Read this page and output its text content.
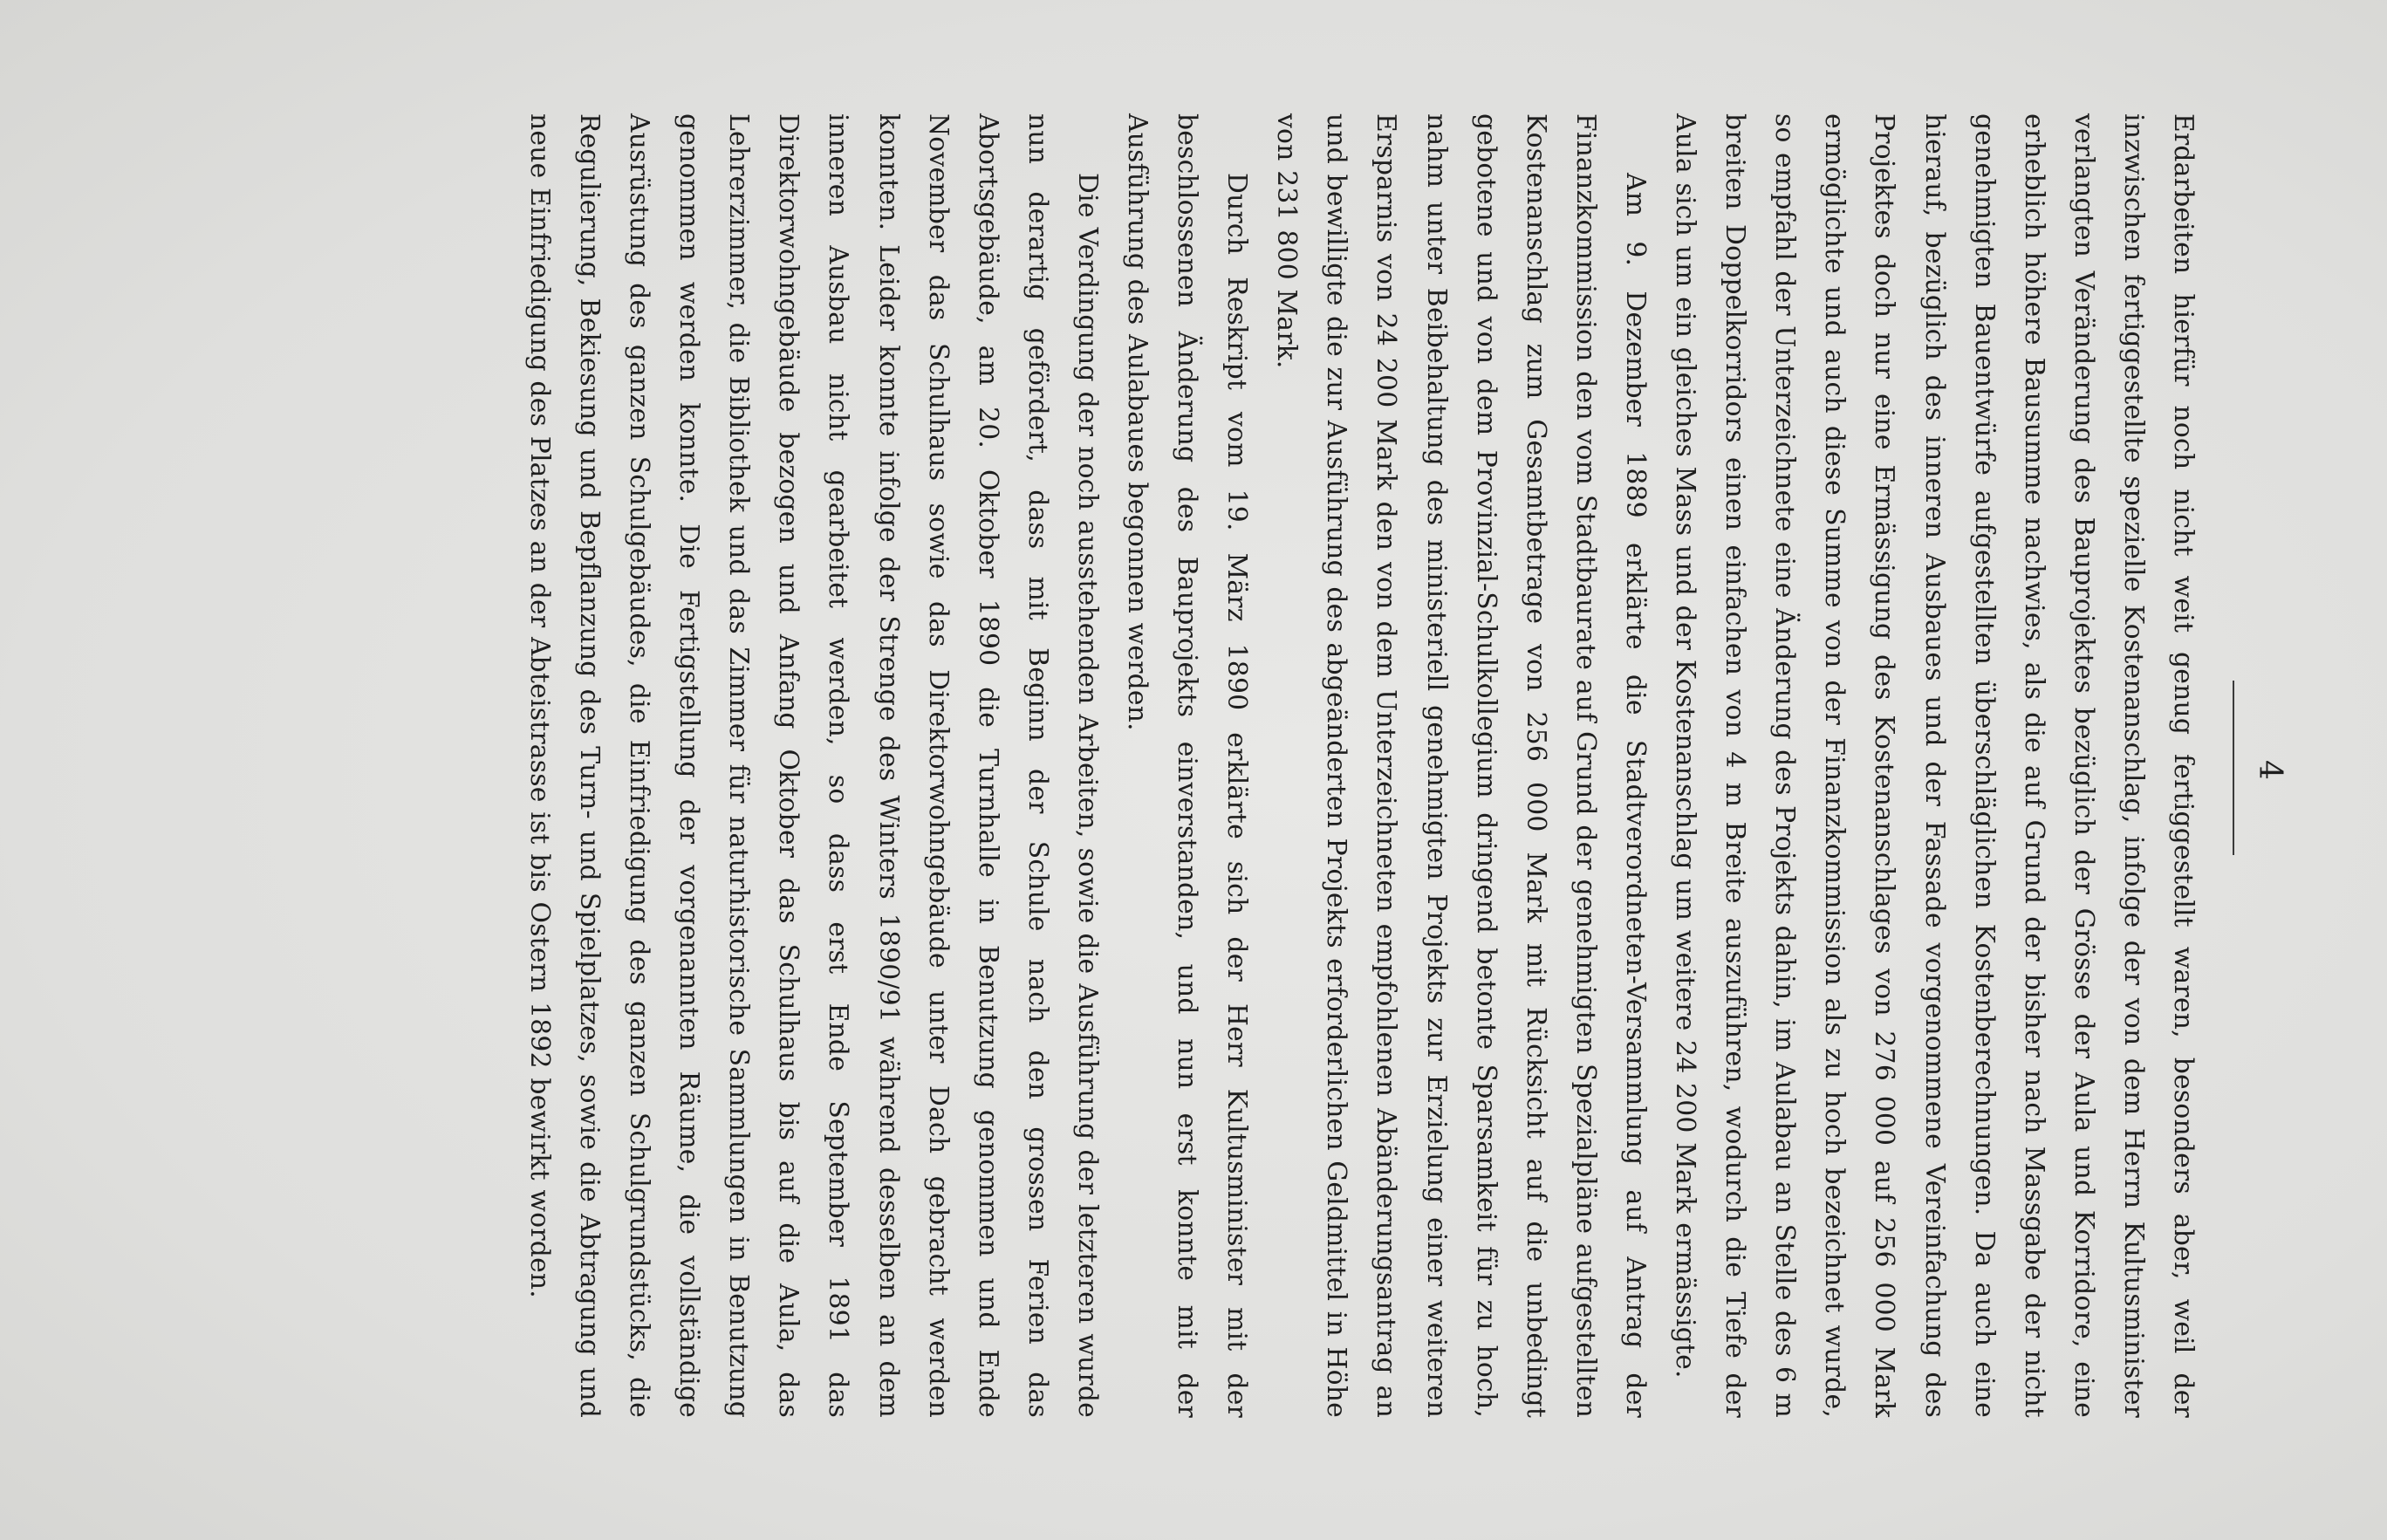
4

Erdarbeiten hierfür noch nicht weit genug fertiggestellt waren, besonders aber, weil der inzwischen fertiggestellte spezielle Kostenanschlag, infolge der von dem Herrn Kultusminister verlangten Veränderung des Bauprojektes bezüglich der Grösse der Aula und Korridore, eine erheblich höhere Bausumme nachwies, als die auf Grund der bisher nach Massgabe der nicht genehmigten Bauentwürfe aufgestellten überschläglichen Kostenberechnungen. Da auch eine hierauf, bezüglich des inneren Ausbaues und der Fassade vorgenommene Vereinfachung des Projektes doch nur eine Ermässigung des Kostenanschlages von 276 000 auf 256 000 Mark ermöglichte und auch diese Summe von der Finanzkommission als zu hoch bezeichnet wurde, so empfahl der Unterzeichnete eine Änderung des Projekts dahin, im Aulabau an Stelle des 6 m breiten Doppelkorridors einen einfachen von 4 m Breite auszuführen, wodurch die Tiefe der Aula sich um ein gleiches Mass und der Kostenanschlag um weitere 24 200 Mark ermässigte.

Am 9. Dezember 1889 erklärte die Stadtverordneten-Versammlung auf Antrag der Finanzkommission den vom Stadtbaurate auf Grund der genehmigten Spezialpläne aufgestellten Kostenanschlag zum Gesamtbetrage von 256 000 Mark mit Rücksicht auf die unbedingt gebotene und von dem Provinzial-Schulkollegium dringend betonte Sparsamkeit für zu hoch, nahm unter Beibehaltung des ministeriell genehmigten Projekts zur Erzielung einer weiteren Ersparnis von 24 200 Mark den von dem Unterzeichneten empfohlenen Abänderungsantrag an und bewilligte die zur Ausführung des abgeänderten Projekts erforderlichen Geldmittel in Höhe von 231 800 Mark.

Durch Reskript vom 19. März 1890 erklärte sich der Herr Kultusminister mit der beschlossenen Änderung des Bauprojekts einverstanden, und nun erst konnte mit der Ausführung des Aulabaues begonnen werden.

Die Verdingung der noch ausstehenden Arbeiten, sowie die Ausführung der letzteren wurde nun derartig gefördert, dass mit Beginn der Schule nach den grossen Ferien das Abortsgebäude, am 20. Oktober 1890 die Turnhalle in Benutzung genommen und Ende November das Schulhaus sowie das Direktorwohngebäude unter Dach gebracht werden konnten. Leider konnte infolge der Strenge des Winters 1890/91 während desselben an dem inneren Ausbau nicht gearbeitet werden, so dass erst Ende September 1891 das Direktorwohngebäude bezogen und Anfang Oktober das Schulhaus bis auf die Aula, das Lehrerzimmer, die Bibliothek und das Zimmer für naturhistorische Sammlungen in Benutzung genommen werden konnte. Die Fertigstellung der vorgenannten Räume, die vollständige Ausrüstung des ganzen Schulgebäudes, die Einfriedigung des ganzen Schulgrundstücks, die Regulierung, Bekiesung und Bepflanzung des Turn- und Spielplatzes, sowie die Abtragung und neue Einfriedigung des Platzes an der Abteistrasse ist bis Ostern 1892 bewirkt worden.
